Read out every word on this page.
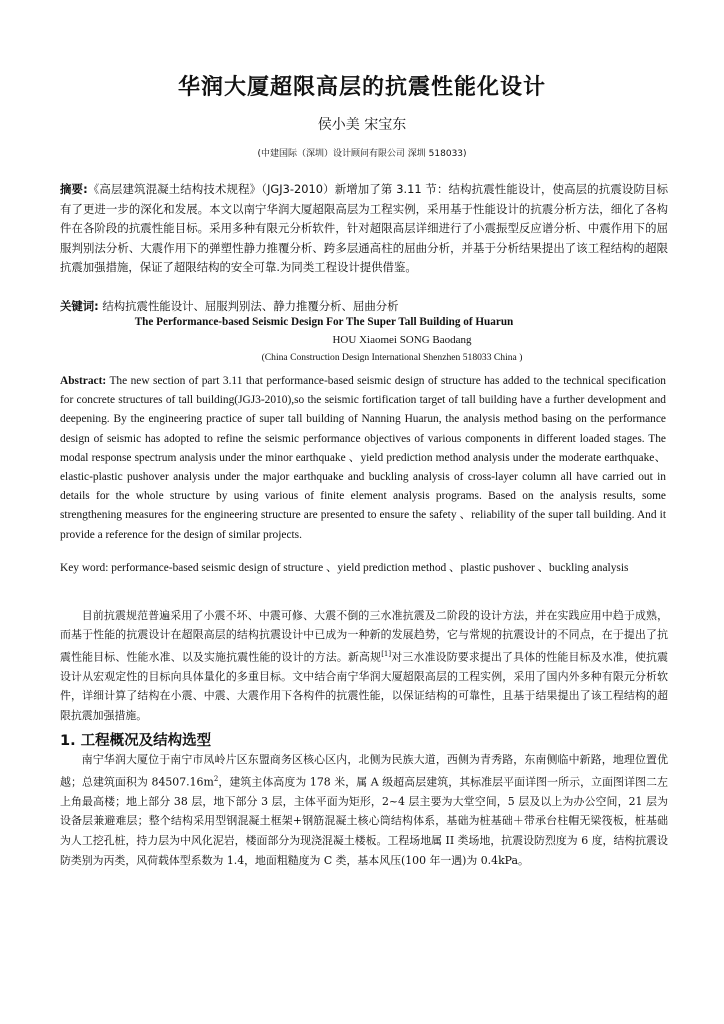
华润大厦超限高层的抗震性能化设计
侯小美 宋宝东
(中建国际（深圳）设计顾问有限公司 深圳 518033)
摘要:《高层建筑混凝土结构技术规程》（JGJ3-2010）新增加了第 3.11 节：结构抗震性能设计，使高层的抗震设防目标有了更进一步的深化和发展。本文以南宁华润大厦超限高层为工程实例，采用基于性能设计的抗震分析方法，细化了各构件在各阶段的抗震性能目标。采用多种有限元分析软件，针对超限高层详细进行了小震振型反应谱分析、中震作用下的屈服判别法分析、大震作用下的弹塑性静力推覆分析、跨多层通高柱的屈曲分析，并基于分析结果提出了该工程结构的超限抗震加强措施，保证了超限结构的安全可靠.为同类工程设计提供借鉴。
关键词: 结构抗震性能设计、屈服判别法、静力推覆分析、屈曲分析
The Performance-based Seismic Design For The Super Tall Building of Huarun
HOU Xiaomei SONG Baodang
(China Construction Design International Shenzhen 518033 China )
Abstract: The new section of part 3.11 that performance-based seismic design of structure has added to the technical specification for concrete structures of tall building(JGJ3-2010),so the seismic fortification target of tall building have a further development and deepening. By the engineering practice of super tall building of Nanning Huarun, the analysis method basing on the performance design of seismic has adopted to refine the seismic performance objectives of various components in different loaded stages. The modal response spectrum analysis under the minor earthquake 、yield prediction method analysis under the moderate earthquake、elastic-plastic pushover analysis under the major earthquake and buckling analysis of cross-layer column all have carried out in details for the whole structure by using various of finite element analysis programs. Based on the analysis results, some strengthening measures for the engineering structure are presented to ensure the safety 、reliability of the super tall building. And it provide a reference for the design of similar projects.
Key word: performance-based seismic design of structure 、yield prediction method 、plastic pushover 、buckling analysis
目前抗震规范普遍采用了小震不坏、中震可修、大震不倒的三水准抗震及二阶段的设计方法，并在实践应用中趋于成熟，而基于性能的抗震设计在超限高层的结构抗震设计中已成为一种新的发展趋势，它与常规的抗震设计的不同点，在于提出了抗震性能目标、性能水准、以及实施抗震性能的设计的方法。新高规[1]对三水准设防要求提出了具体的性能目标及水准，使抗震设计从宏观定性的目标向具体量化的多重目标。文中结合南宁华润大厦超限高层的工程实例，采用了国内外多种有限元分析软件，详细计算了结构在小震、中震、大震作用下各构件的抗震性能，以保证结构的可靠性，且基于结果提出了该工程结构的超限抗震加强措施。
1. 工程概况及结构选型
南宁华润大厦位于南宁市凤岭片区东盟商务区核心区内，北侧为民族大道，西侧为青秀路，东南侧临中新路，地理位置优越；总建筑面积为 $84507.16m^2$，建筑主体高度为 178 米，属 A 级超高层建筑，其标准层平面详图一所示，立面图详图二左上角最高楼；地上部分 38 层，地下部分 3 层，主体平面为矩形，2~4 层主要为大堂空间，5 层及以上为办公空间，21 层为设备层兼避难层；整个结构采用型钢混凝土框架+钢筋混凝土核心筒结构体系，基础为桩基础＋带承台柱帽无梁筏板，桩基础为人工挖孔桩，持力层为中风化泥岩，楼面部分为现浇混凝土楼板。工程场地属 II 类场地，抗震设防烈度为 6 度，结构抗震设防类别为丙类，风荷载体型系数为 1.4，地面粗糙度为 C 类，基本风压(100 年一遇)为 0.4kPa。
